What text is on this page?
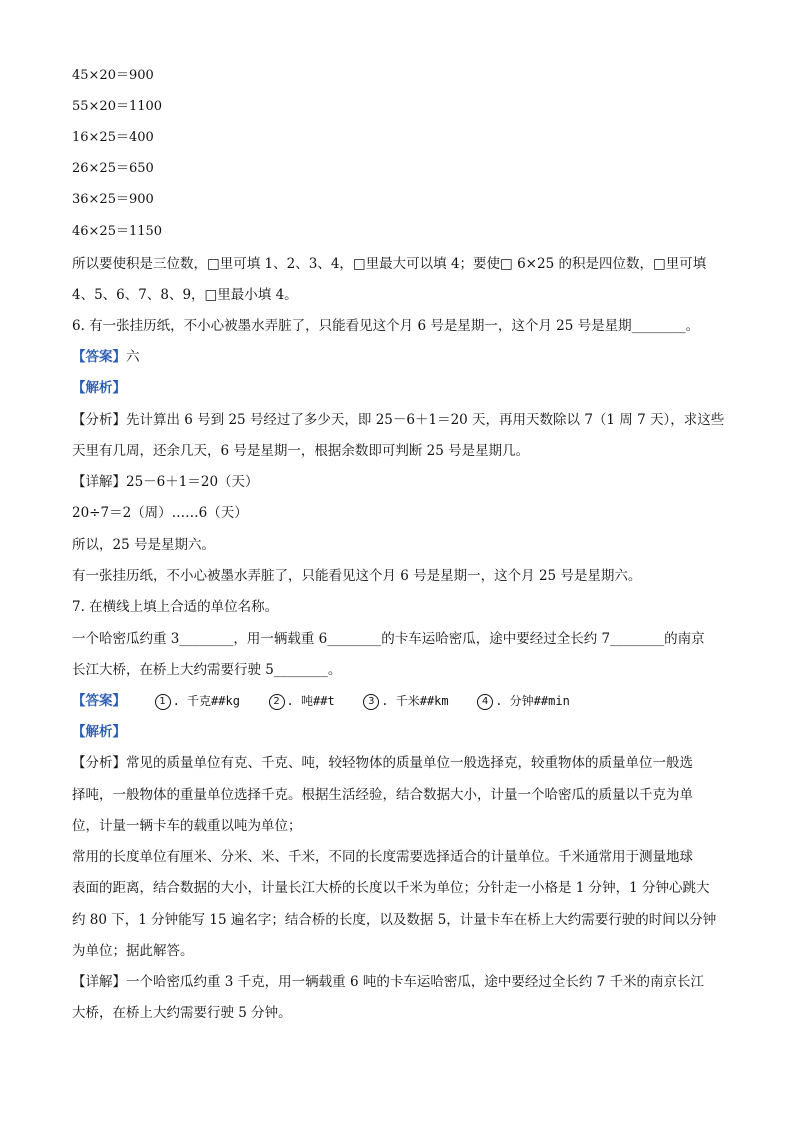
45×20＝900
55×20＝1100
16×25＝400
26×25＝650
36×25＝900
46×25＝1150
所以要使积是三位数，□里可填 1、2、3、4，□里最大可以填 4；要使□ 6×25 的积是四位数，□里可填
4、5、6、7、8、9，□里最小填 4。
6. 有一张挂历纸，不小心被墨水弄脏了，只能看见这个月 6 号是星期一，这个月 25 号是星期________。
【答案】六
【解析】
【分析】先计算出 6 号到 25 号经过了多少天，即 25－6＋1＝20 天，再用天数除以 7（1 周 7 天），求这些
天里有几周，还余几天，6 号是星期一，根据余数即可判断 25 号是星期几。
【详解】25－6＋1＝20（天）
20÷7＝2（周）……6（天）
所以，25 号是星期六。
有一张挂历纸，不小心被墨水弄脏了，只能看见这个月 6 号是星期一，这个月 25 号是星期六。
7. 在横线上填上合适的单位名称。
一个哈密瓜约重 3________，用一辆载重 6________的卡车运哈密瓜，途中要经过全长约 7________的南京
长江大桥，在桥上大约需要行驶 5________。
【答案】	1 . 千克##kg	2 . 吨##t	3 . 千米##km	4 . 分钟##min
【解析】
【分析】常见的质量单位有克、千克、吨，较轻物体的质量单位一般选择克，较重物体的质量单位一般选
择吨，一般物体的重量单位选择千克。根据生活经验，结合数据大小，计量一个哈密瓜的质量以千克为单
位，计量一辆卡车的载重以吨为单位；
常用的长度单位有厘米、分米、米、千米，不同的长度需要选择适合的计量单位。千米通常用于测量地球
表面的距离，结合数据的大小，计量长江大桥的长度以千米为单位；分针走一小格是 1 分钟，1 分钟心跳大
约 80 下，1 分钟能写 15 遍名字；结合桥的长度，以及数据 5，计量卡车在桥上大约需要行驶的时间以分钟
为单位；据此解答。
【详解】一个哈密瓜约重 3 千克，用一辆载重 6 吨的卡车运哈密瓜，途中要经过全长约 7 千米的南京长江
大桥，在桥上大约需要行驶 5 分钟。
